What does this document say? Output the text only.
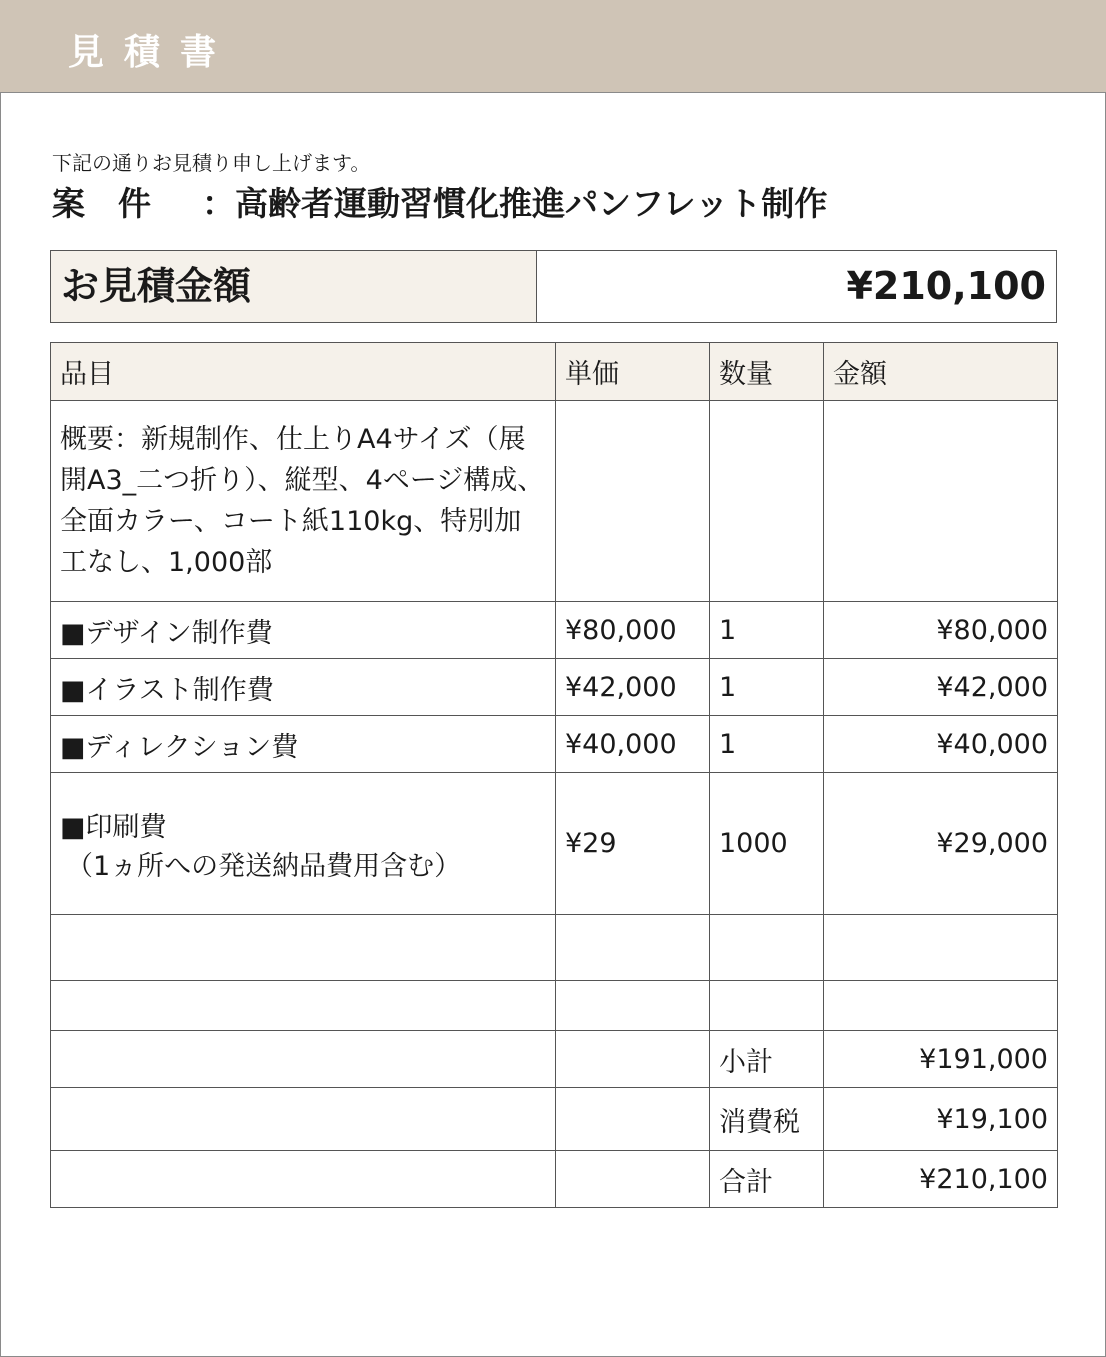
見積書
下記の通りお見積り申し上げます。
案　件 ：高齢者運動習慣化推進パンフレット制作
お見積金額	¥210,100
品目	単価	数量	金額
概要：新規制作、仕上りA4サイズ（展開A3_二つ折り）、縦型、4ページ構成、全面カラー、コート紙110kg、特別加工なし、1,000部			
■デザイン制作費	¥80,000	1	¥80,000
■イラスト制作費	¥42,000	1	¥42,000
■ディレクション費	¥40,000	1	¥40,000

■印刷費
（1ヵ所への発送納品費用含む）	¥29	1000	¥29,000

		小計	¥191,000
		消費税	¥19,100
		合計	¥210,100
